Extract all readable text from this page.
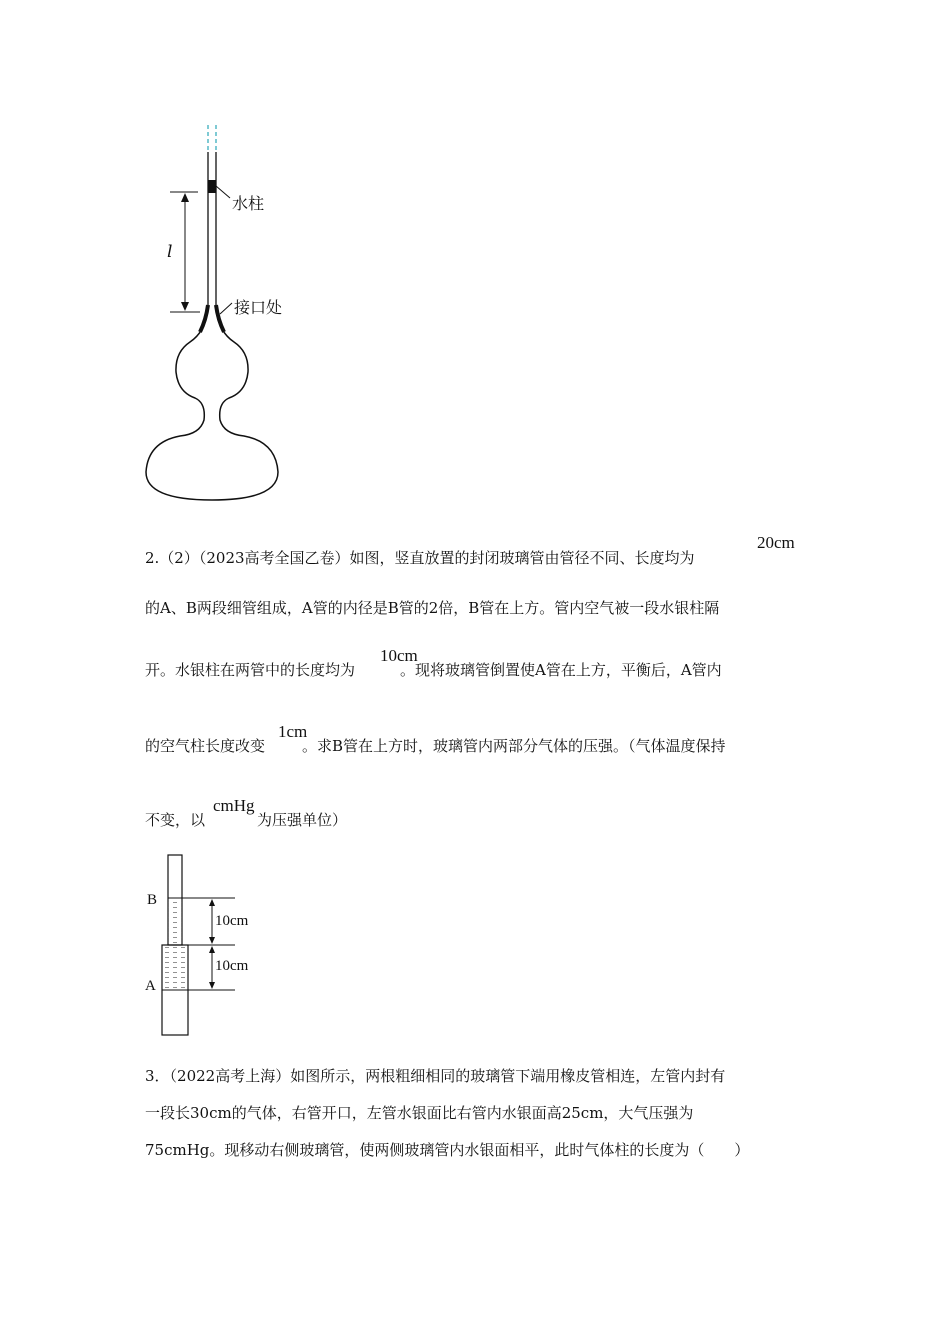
水柱
接口处
l
2.（2）（2023高考全国乙卷）如图，竖直放置的封闭玻璃管由管径不同、长度均为
20cm
的A、B两段细管组成，A管的内径是B管的2倍，B管在上方。管内空气被一段水银柱隔
开。水银柱在两管中的长度均为	。现将玻璃管倒置使A管在上方，平衡后，A管内
10cm
的空气柱长度改变 。求B管在上方时，玻璃管内两部分气体的压强。（气体温度保持
1cm
不变，以	为压强单位）
cmHg
B
A
10cm
10cm
3．（2022高考上海）如图所示，两根粗细相同的玻璃管下端用橡皮管相连，左管内封有
一段长30cm的气体，右管开口，左管水银面比右管内水银面高25cm，大气压强为
75cmHg。现移动右侧玻璃管，使两侧玻璃管内水银面相平，此时气体柱的长度为（　　）
